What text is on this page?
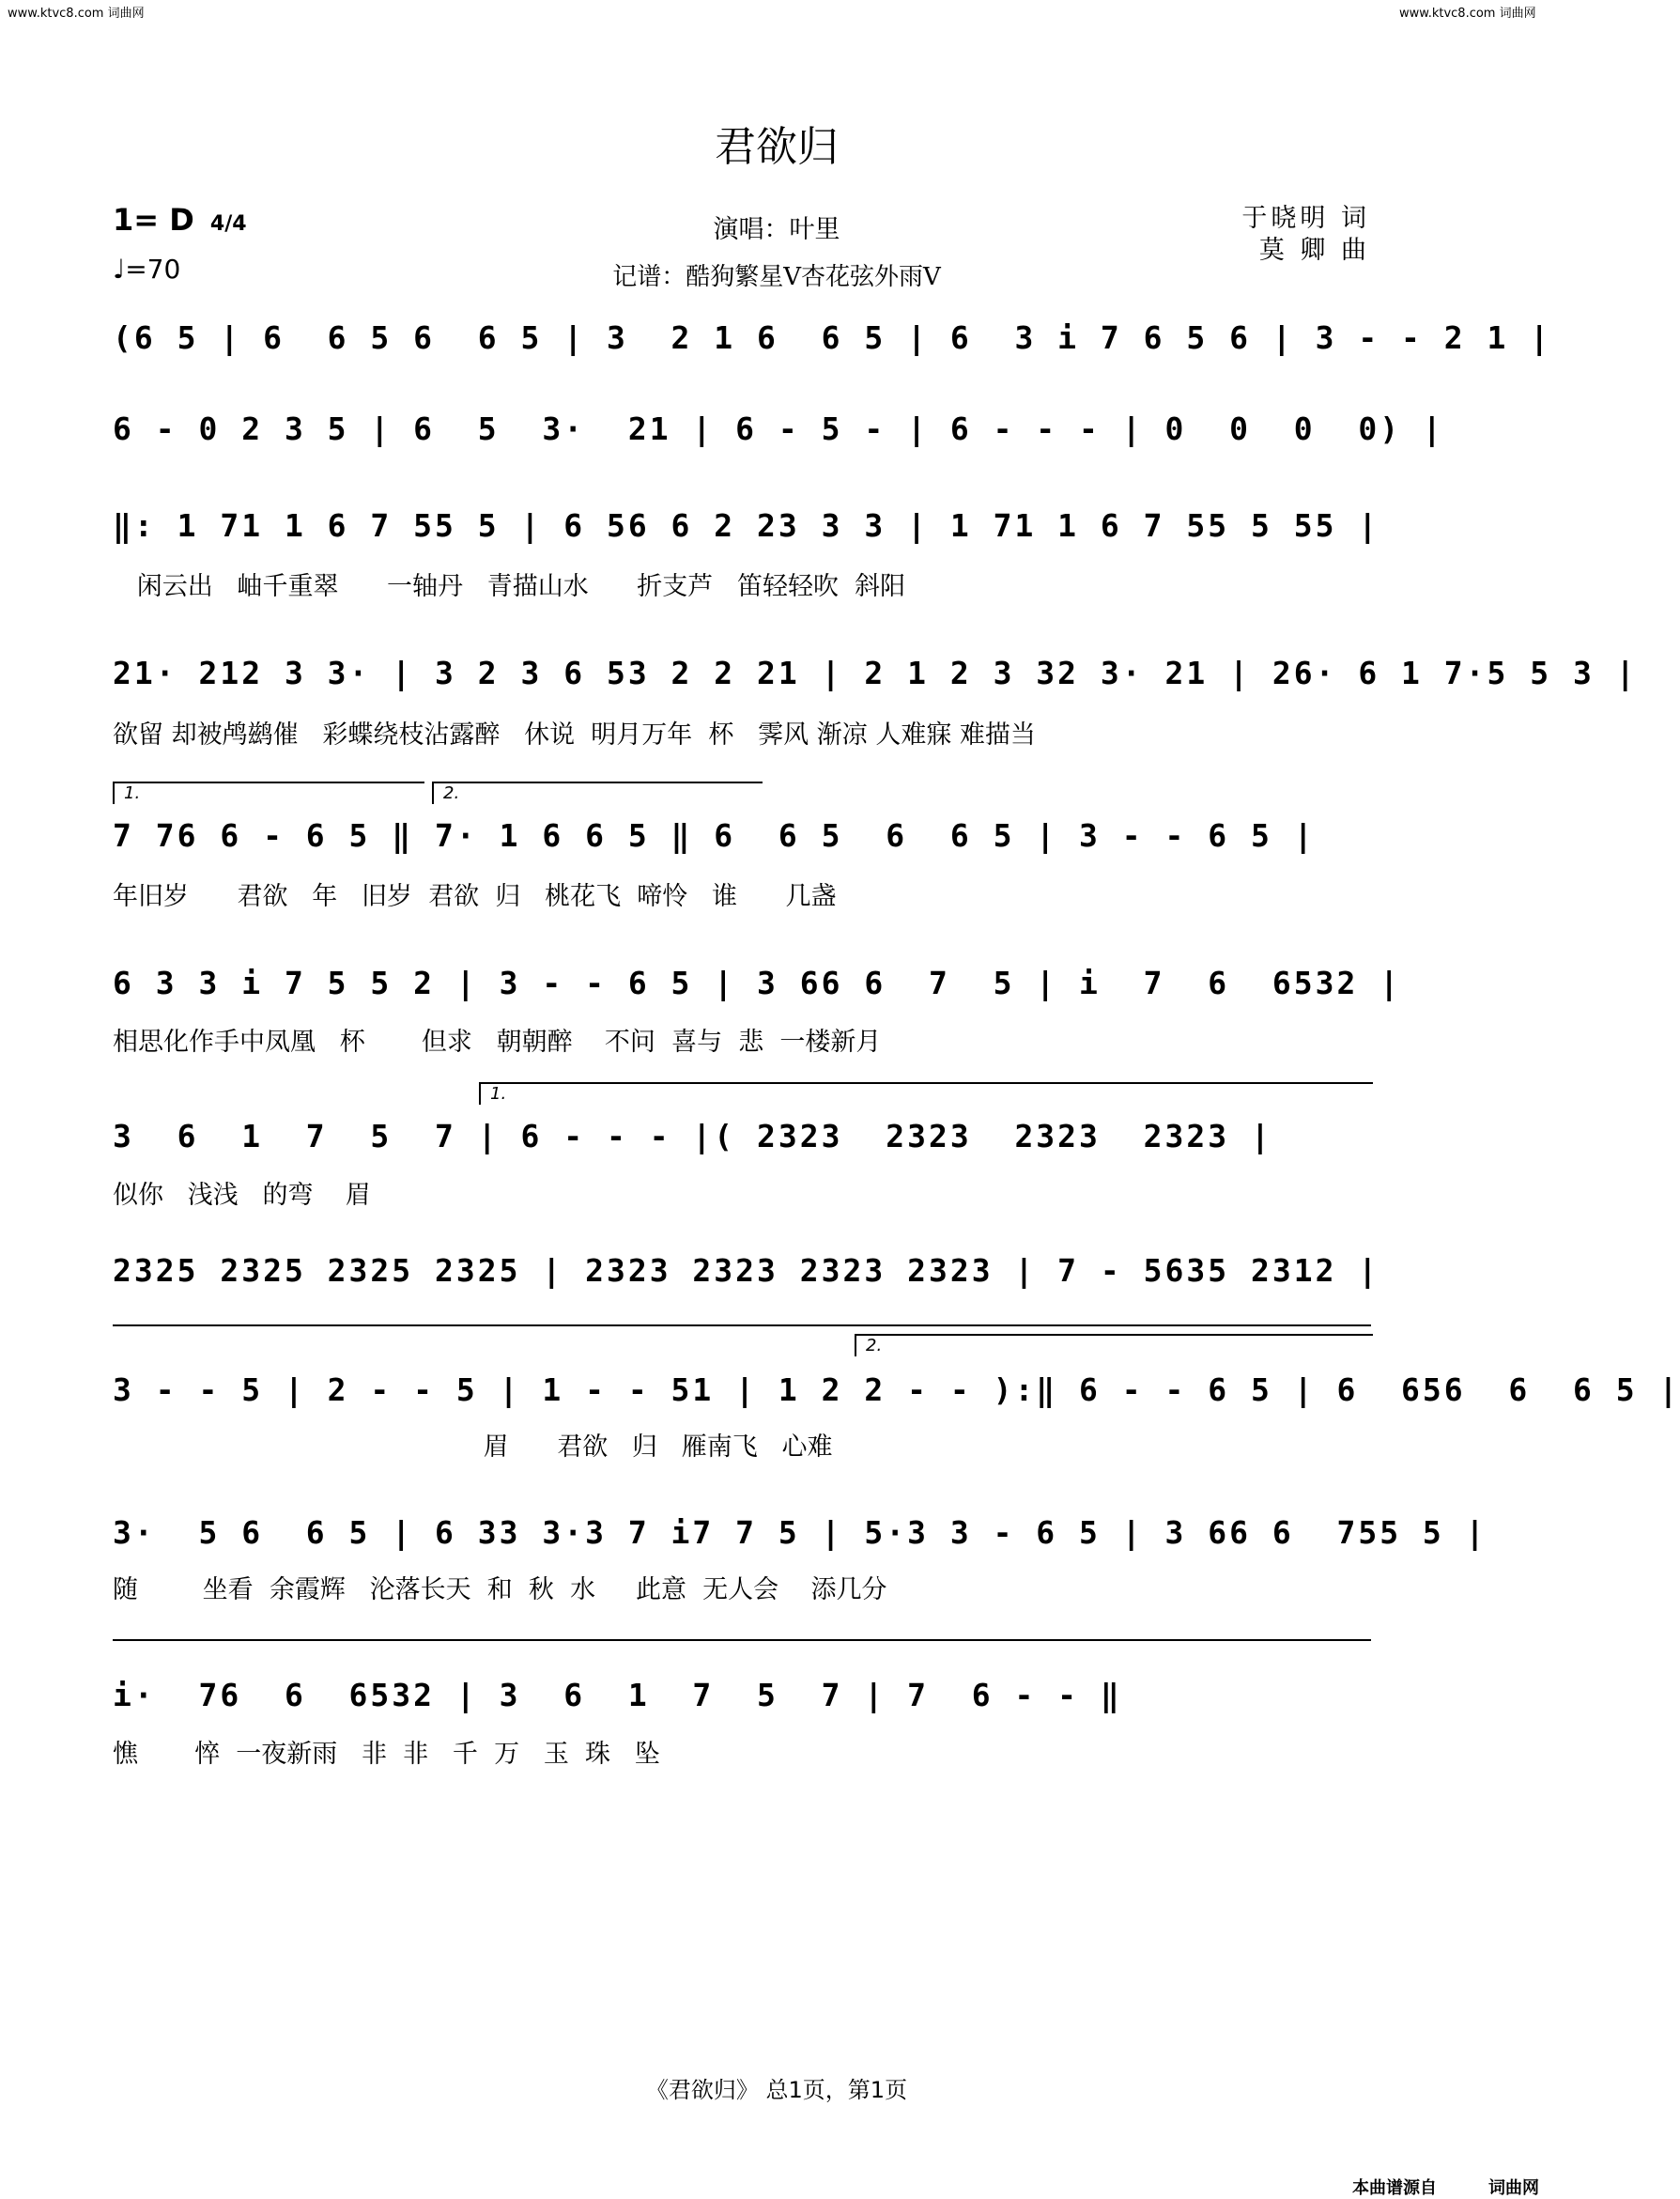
www.ktvc8.com 词曲网	www.ktvc8.com 词曲网
君欲归
1= D 4/4
♩=70
演唱：叶里
记谱：酷狗繁星V杏花弦外雨V
于晓明 词
莫 卿 曲
1.	2.
1.
2.
(6 5 | 6  6 5 6  6 5 | 3  2 1 6  6 5 | 6  3 i 7 6 5 6 | 3 - - 2 1 |
6 - 0 2 3 5 | 6  5  3·  21 | 6 - 5 - | 6 - - - | 0  0  0  0) |
‖: 1 71 1 6 7 55 5 | 6 56 6 2 23 3 3 | 1 71 1 6 7 55 5 55 |
闲云出   岫千重翠      一轴丹   青描山水      折支芦   笛轻轻吹  斜阳
21· 212 3 3· | 3 2 3 6 53 2 2 21 | 2 1 2 3 32 3· 21 | 26· 6 1 7·5 5 3 |
欲留 却被鸬鹚催   彩蝶绕枝沾露醉   休说  明月万年  杯   霁风 渐凉 人难寐 难描当
7 76 6 - 6 5 ‖ 7· 1 6 6 5 ‖ 6  6 5  6  6 5 | 3 - - 6 5 |
年旧岁      君欲   年   旧岁  君欲  归   桃花飞  啼怜   谁      几盏
6 3 3 i 7 5 5 2 | 3 - - 6 5 | 3 66 6  7  5 | i  7  6  6532 |
相思化作手中凤凰   杯       但求   朝朝醉    不问  喜与  悲  一楼新月
3  6  1  7  5  7 | 6 - - - |( 2323  2323  2323  2323 |
似你   浅浅   的弯    眉
2325 2325 2325 2325 | 2323 2323 2323 2323 | 7 - 5635 2312 |
3 - - 5 | 2 - - 5 | 1 - - 51 | 1 2 2 - - ):‖ 6 - - 6 5 | 6  656  6  6 5 |
眉      君欲   归   雁南飞   心难
3·  5 6  6 5 | 6 33 3·3 7 i7 7 5 | 5·3 3 - 6 5 | 3 66 6  755 5 |
随        坐看  余霞辉   沦落长天  和  秋  水     此意  无人会    添几分
i·  76  6  6532 | 3  6  1  7  5  7 | 7  6 - - ‖
憔       悴  一夜新雨   非  非   千  万   玉  珠   坠
《君欲归》 总1页，第1页
本曲谱源自	词曲网
